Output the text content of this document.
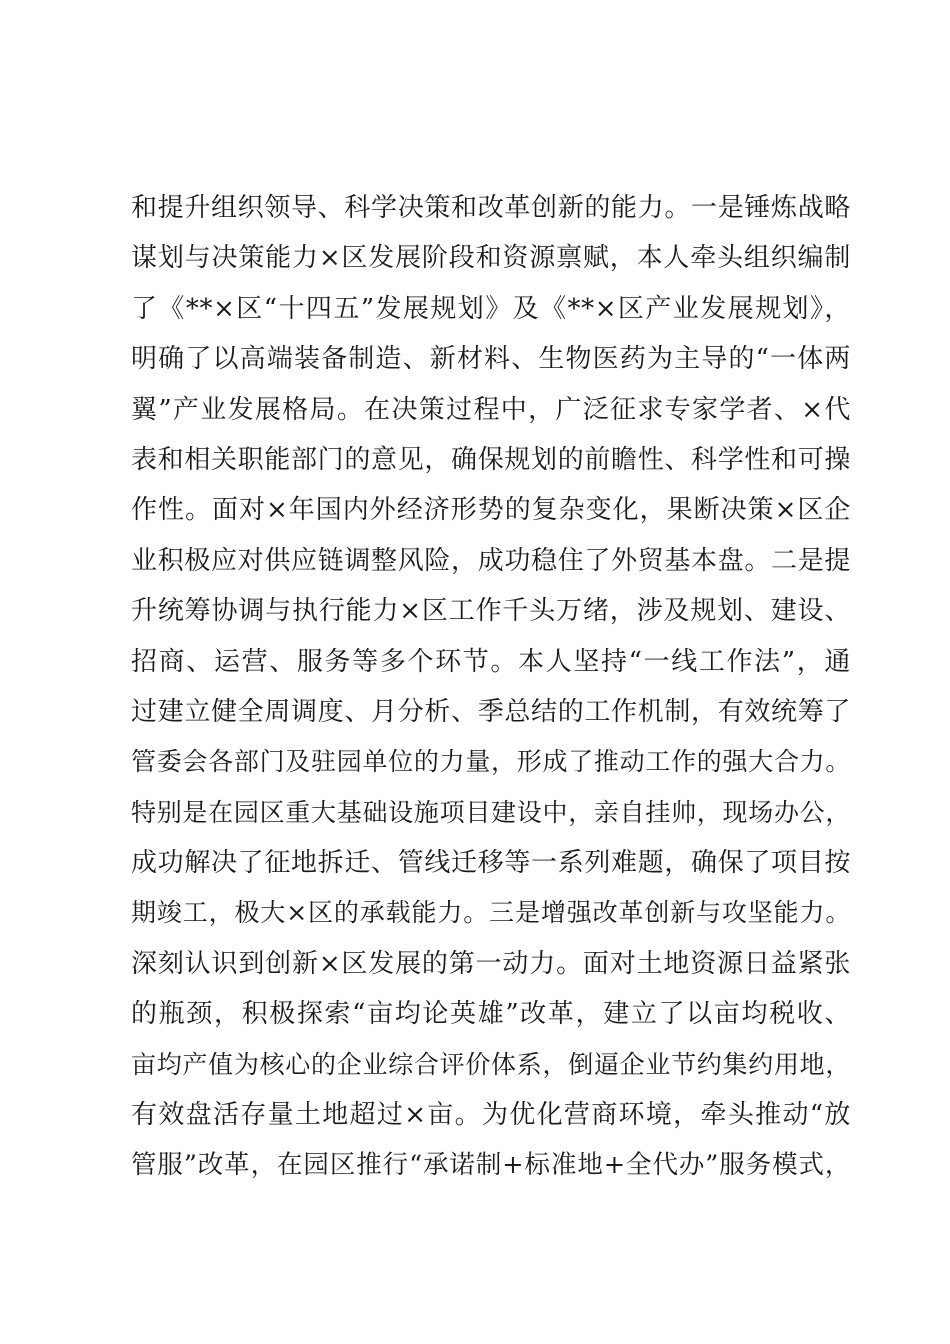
和提升组织领导、科学决策和改革创新的能力。一是锤炼战略
谋划与决策能力×区发展阶段和资源禀赋，本人牵头组织编制
了《**×区“十四五”发展规划》及《**×区产业发展规划》，
明确了以高端装备制造、新材料、生物医药为主导的“一体两
翼”产业发展格局。在决策过程中，广泛征求专家学者、×代
表和相关职能部门的意见，确保规划的前瞻性、科学性和可操
作性。面对×年国内外经济形势的复杂变化，果断决策×区企
业积极应对供应链调整风险，成功稳住了外贸基本盘。二是提
升统筹协调与执行能力×区工作千头万绪，涉及规划、建设、
招商、运营、服务等多个环节。本人坚持“一线工作法”，通
过建立健全周调度、月分析、季总结的工作机制，有效统筹了
管委会各部门及驻园单位的力量，形成了推动工作的强大合力。
特别是在园区重大基础设施项目建设中，亲自挂帅，现场办公，
成功解决了征地拆迁、管线迁移等一系列难题，确保了项目按
期竣工，极大×区的承载能力。三是增强改革创新与攻坚能力。
深刻认识到创新×区发展的第一动力。面对土地资源日益紧张
的瓶颈，积极探索“亩均论英雄”改革，建立了以亩均税收、
亩均产值为核心的企业综合评价体系，倒逼企业节约集约用地，
有效盘活存量土地超过×亩。为优化营商环境，牵头推动“放
管服”改革，在园区推行“承诺制+标准地+全代办”服务模式，
